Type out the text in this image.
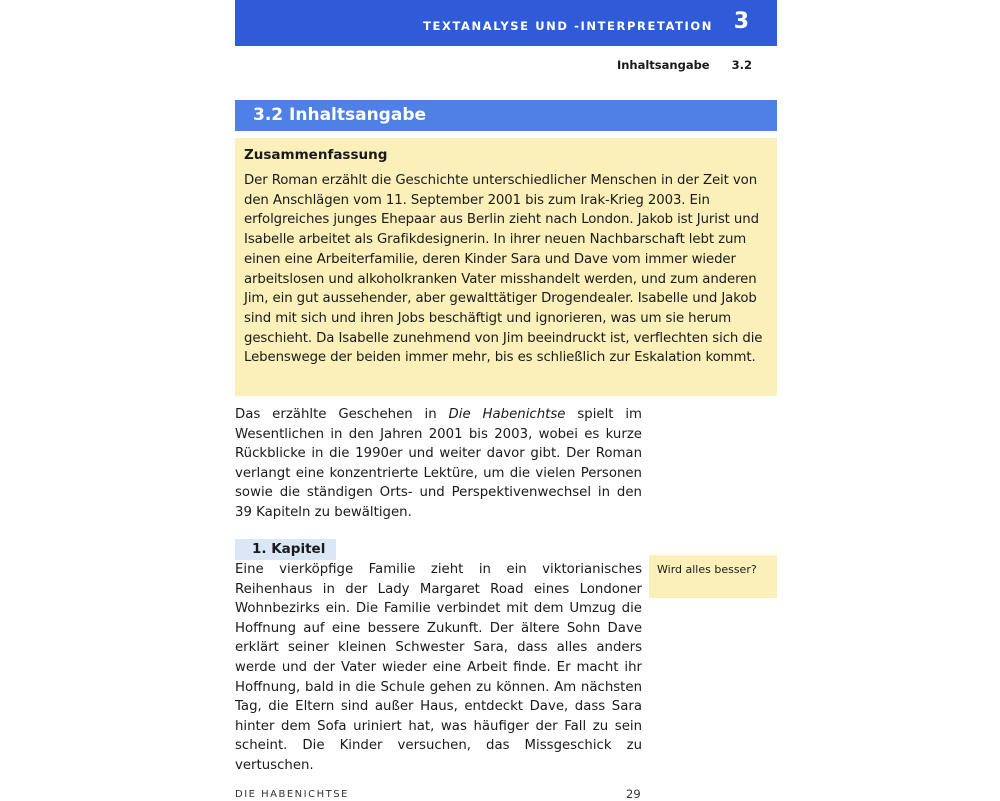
TEXTANALYSE UND -INTERPRETATION 3
Inhaltsangabe 3.2
3.2 Inhaltsangabe
Zusammenfassung
Der Roman erzählt die Geschichte unterschiedlicher Menschen in der Zeit von den Anschlägen vom 11. September 2001 bis zum Irak-Krieg 2003. Ein erfolgreiches junges Ehepaar aus Berlin zieht nach London. Jakob ist Jurist und Isabelle arbeitet als Grafikdesignerin. In ihrer neuen Nachbarschaft lebt zum einen eine Arbeiterfamilie, deren Kinder Sara und Dave vom immer wieder arbeitslosen und alkoholkranken Vater misshandelt werden, und zum anderen Jim, ein gut aussehender, aber gewalttätiger Drogendealer. Isabelle und Jakob sind mit sich und ihren Jobs beschäftigt und ignorieren, was um sie herum geschieht. Da Isabelle zunehmend von Jim beeindruckt ist, verflechten sich die Lebenswege der beiden immer mehr, bis es schließlich zur Eskalation kommt.
Das erzählte Geschehen in Die Habenichtse spielt im Wesentlichen in den Jahren 2001 bis 2003, wobei es kurze Rückblicke in die 1990er und weiter davor gibt. Der Roman verlangt eine konzentrierte Lektüre, um die vielen Personen sowie die ständigen Orts- und Perspektivenwechsel in den 39 Kapiteln zu bewältigen.
1. Kapitel
Eine vierköpfige Familie zieht in ein viktorianisches Reihenhaus in der Lady Margaret Road eines Londoner Wohnbezirks ein. Die Familie verbindet mit dem Umzug die Hoffnung auf eine bessere Zukunft. Der ältere Sohn Dave erklärt seiner kleinen Schwester Sara, dass alles anders werde und der Vater wieder eine Arbeit finde. Er macht ihr Hoffnung, bald in die Schule gehen zu können. Am nächsten Tag, die Eltern sind außer Haus, entdeckt Dave, dass Sara hinter dem Sofa uriniert hat, was häufiger der Fall zu sein scheint. Die Kinder versuchen, das Missgeschick zu vertuschen.
Wird alles besser?
DIE HABENICHTSE	29
